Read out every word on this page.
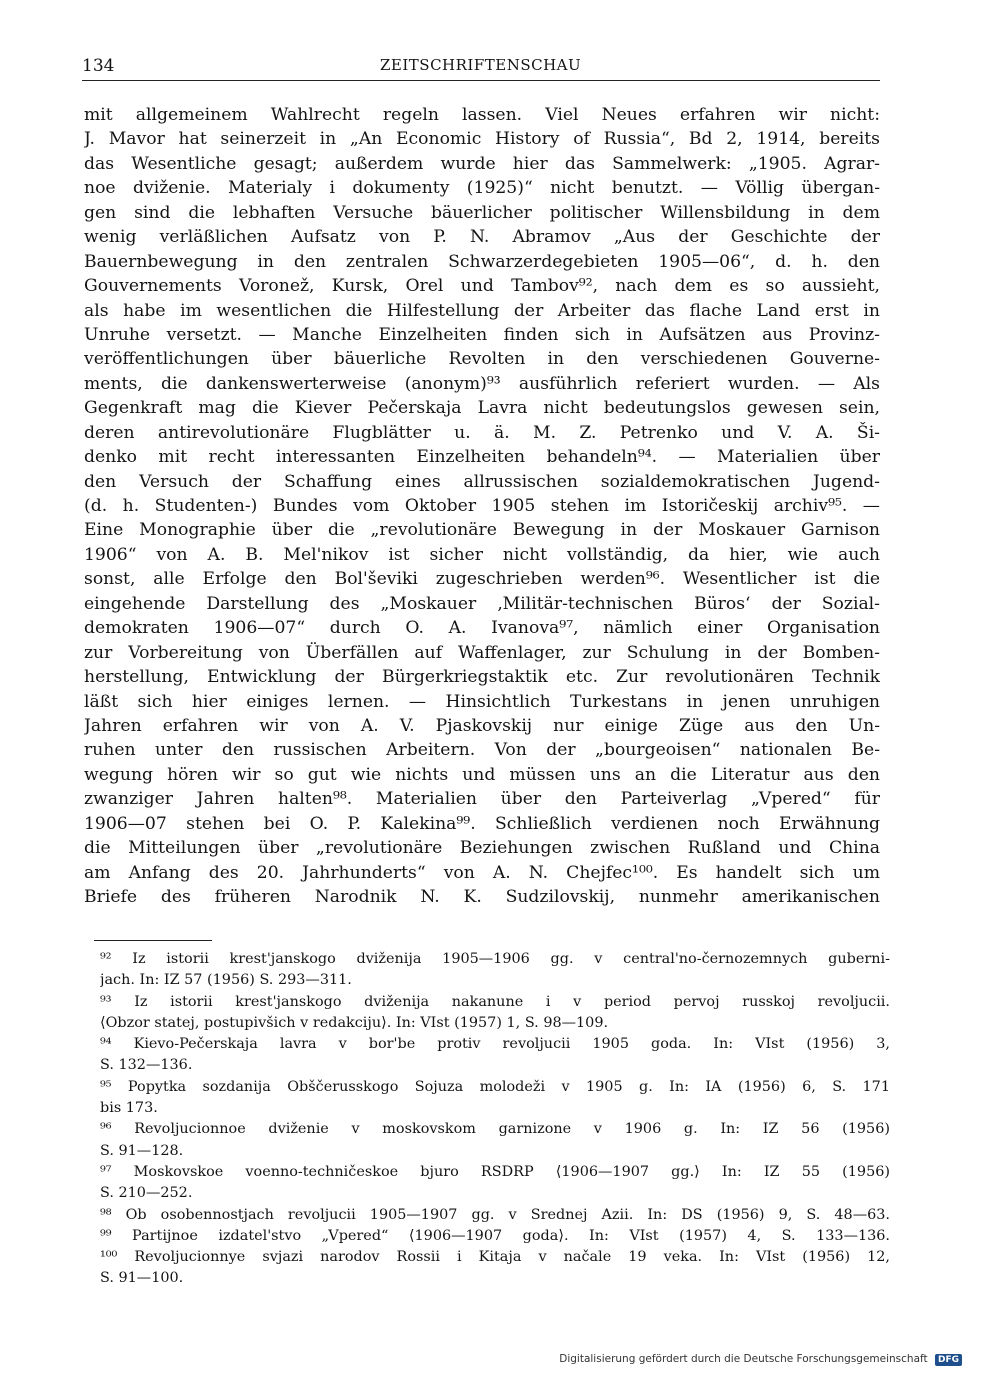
134	ZEITSCHRIFTENSCHAU
mit allgemeinem Wahlrecht regeln lassen. Viel Neues erfahren wir nicht:
J. Mavor hat seinerzeit in „An Economic History of Russia“, Bd 2, 1914, bereits
das Wesentliche gesagt; außerdem wurde hier das Sammelwerk: „1905. Agrar-
noe dviženie. Materialy i dokumenty (1925)“ nicht benutzt. — Völlig übergan-
gen sind die lebhaften Versuche bäuerlicher politischer Willensbildung in dem
wenig verläßlichen Aufsatz von P. N. Abramov „Aus der Geschichte der
Bauernbewegung in den zentralen Schwarzerdegebieten 1905—06“, d. h. den
Gouvernements Voronež, Kursk, Orel und Tambov⁹², nach dem es so aussieht,
als habe im wesentlichen die Hilfestellung der Arbeiter das flache Land erst in
Unruhe versetzt. — Manche Einzelheiten finden sich in Aufsätzen aus Provinz-
veröffentlichungen über bäuerliche Revolten in den verschiedenen Gouverne-
ments, die dankenswerterweise (anonym)⁹³ ausführlich referiert wurden. — Als
Gegenkraft mag die Kiever Pečerskaja Lavra nicht bedeutungslos gewesen sein,
deren antirevolutionäre Flugblätter u. ä. M. Z. Petrenko und V. A. Ši-
denko mit recht interessanten Einzelheiten behandeln⁹⁴. — Materialien über
den Versuch der Schaffung eines allrussischen sozialdemokratischen Jugend-
(d. h. Studenten-) Bundes vom Oktober 1905 stehen im Istoričeskij archiv⁹⁵. —
Eine Monographie über die „revolutionäre Bewegung in der Moskauer Garnison
1906“ von A. B. Mel'nikov ist sicher nicht vollständig, da hier, wie auch
sonst, alle Erfolge den Bol'ševiki zugeschrieben werden⁹⁶. Wesentlicher ist die
eingehende Darstellung des „Moskauer ‚Militär-technischen Büros‘ der Sozial-
demokraten 1906—07“ durch O. A. Ivanova⁹⁷, nämlich einer Organisation
zur Vorbereitung von Überfällen auf Waffenlager, zur Schulung in der Bomben-
herstellung, Entwicklung der Bürgerkriegstaktik etc. Zur revolutionären Technik
läßt sich hier einiges lernen. — Hinsichtlich Turkestans in jenen unruhigen
Jahren erfahren wir von A. V. Pjaskovskij nur einige Züge aus den Un-
ruhen unter den russischen Arbeitern. Von der „bourgeoisen“ nationalen Be-
wegung hören wir so gut wie nichts und müssen uns an die Literatur aus den
zwanziger Jahren halten⁹⁸. Materialien über den Parteiverlag „Vpered“ für
1906—07 stehen bei O. P. Kalekina⁹⁹. Schließlich verdienen noch Erwähnung
die Mitteilungen über „revolutionäre Beziehungen zwischen Rußland und China
am Anfang des 20. Jahrhunderts“ von A. N. Chejfec¹⁰⁰. Es handelt sich um
Briefe des früheren Narodnik N. K. Sudzilovskij, nunmehr amerikanischen
⁹² Iz istorii krest'janskogo dviženija 1905—1906 gg. v central'no-černozemnych guberni-
jach. In: IZ 57 (1956) S. 293—311.
⁹³ Iz istorii krest'janskogo dviženija nakanune i v period pervoj russkoj revoljucii.
⟨Obzor statej, postupivšich v redakciju⟩. In: VIst (1957) 1, S. 98—109.
⁹⁴ Kievo-Pečerskaja lavra v bor'be protiv revoljucii 1905 goda. In: VIst (1956) 3,
S. 132—136.
⁹⁵ Popytka sozdanija Obščerusskogo Sojuza molodeži v 1905 g. In: IA (1956) 6, S. 171
bis 173.
⁹⁶ Revoljucionnoe dviženie v moskovskom garnizone v 1906 g. In: IZ 56 (1956)
S. 91—128.
⁹⁷ Moskovskoe voenno-techničeskoe bjuro RSDRP ⟨1906—1907 gg.⟩ In: IZ 55 (1956)
S. 210—252.
⁹⁸ Ob osobennostjach revoljucii 1905—1907 gg. v Srednej Azii. In: DS (1956) 9, S. 48—63.
⁹⁹ Partijnoe izdatel'stvo „Vpered“ ⟨1906—1907 goda⟩. In: VIst (1957) 4, S. 133—136.
¹⁰⁰ Revoljucionnye svjazi narodov Rossii i Kitaja v načale 19 veka. In: VIst (1956) 12,
S. 91—100.
Digitalisierung gefördert durch die Deutsche Forschungsgemeinschaft DFG
